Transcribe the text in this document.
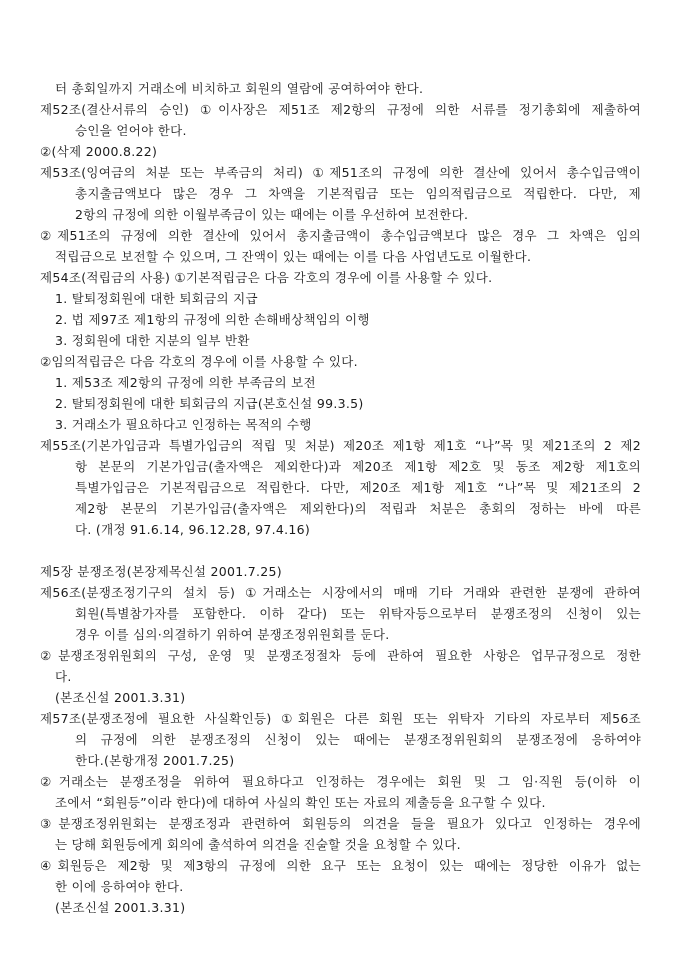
터 총회일까지 거래소에 비치하고 회원의 열람에 공여하여야 한다.
제52조(결산서류의 승인) ①이사장은 제51조 제2항의 규정에 의한 서류를 정기총회에 제출하여
승인을 얻어야 한다.
②(삭제 2000.8.22)
제53조(잉여금의 처분 또는 부족금의 처리) ①제51조의 규정에 의한 결산에 있어서 총수입금액이
총지출금액보다 많은 경우 그 차액을 기본적립금 또는 임의적립금으로 적립한다. 다만, 제
2항의 규정에 의한 이월부족금이 있는 때에는 이를 우선하여 보전한다.
②제51조의 규정에 의한 결산에 있어서 총지출금액이 총수입금액보다 많은 경우 그 차액은 임의
적립금으로 보전할 수 있으며, 그 잔액이 있는 때에는 이를 다음 사업년도로 이월한다.
제54조(적립금의 사용) ①기본적립금은 다음 각호의 경우에 이를 사용할 수 있다.
1. 탈퇴정회원에 대한 퇴회금의 지급
2. 법 제97조 제1항의 규정에 의한 손해배상책임의 이행
3. 정회원에 대한 지분의 일부 반환
②임의적립금은 다음 각호의 경우에 이를 사용할 수 있다.
1. 제53조 제2항의 규정에 의한 부족금의 보전
2. 탈퇴정회원에 대한 퇴회금의 지급(본호신설 99.3.5)
3. 거래소가 필요하다고 인정하는 목적의 수행
제55조(기본가입금과 특별가입금의 적립 및 처분) 제20조 제1항 제1호 “나”목 및 제21조의 2 제2
항 본문의 기본가입금(출자액은 제외한다)과 제20조 제1항 제2호 및 동조 제2항 제1호의
특별가입금은 기본적립금으로 적립한다. 다만, 제20조 제1항 제1호 “나”목 및 제21조의 2
제2항 본문의 기본가입금(출자액은 제외한다)의 적립과 처분은 총회의 정하는 바에 따른
다. (개정 91.6.14, 96.12.28, 97.4.16)

제5장 분쟁조정(본장제목신설 2001.7.25)
제56조(분쟁조정기구의 설치 등) ①거래소는 시장에서의 매매 기타 거래와 관련한 분쟁에 관하여
회원(특별참가자를 포함한다. 이하 같다) 또는 위탁자등으로부터 분쟁조정의 신청이 있는
경우 이를 심의·의결하기 위하여 분쟁조정위원회를 둔다.
②분쟁조정위원회의 구성, 운영 및 분쟁조정절차 등에 관하여 필요한 사항은 업무규정으로 정한
다.
(본조신설 2001.3.31)
제57조(분쟁조정에 필요한 사실확인등) ①회원은 다른 회원 또는 위탁자 기타의 자로부터 제56조
의 규정에 의한 분쟁조정의 신청이 있는 때에는 분쟁조정위원회의 분쟁조정에 응하여야
한다.(본항개정 2001.7.25)
②거래소는 분쟁조정을 위하여 필요하다고 인정하는 경우에는 회원 및 그 임·직원 등(이하 이
조에서 “회원등”이라 한다)에 대하여 사실의 확인 또는 자료의 제출등을 요구할 수 있다.
③분쟁조정위원회는 분쟁조정과 관련하여 회원등의 의견을 들을 필요가 있다고 인정하는 경우에
는 당해 회원등에게 회의에 출석하여 의견을 진술할 것을 요청할 수 있다.
④회원등은 제2항 및 제3항의 규정에 의한 요구 또는 요청이 있는 때에는 정당한 이유가 없는
한 이에 응하여야 한다.
(본조신설 2001.3.31)
